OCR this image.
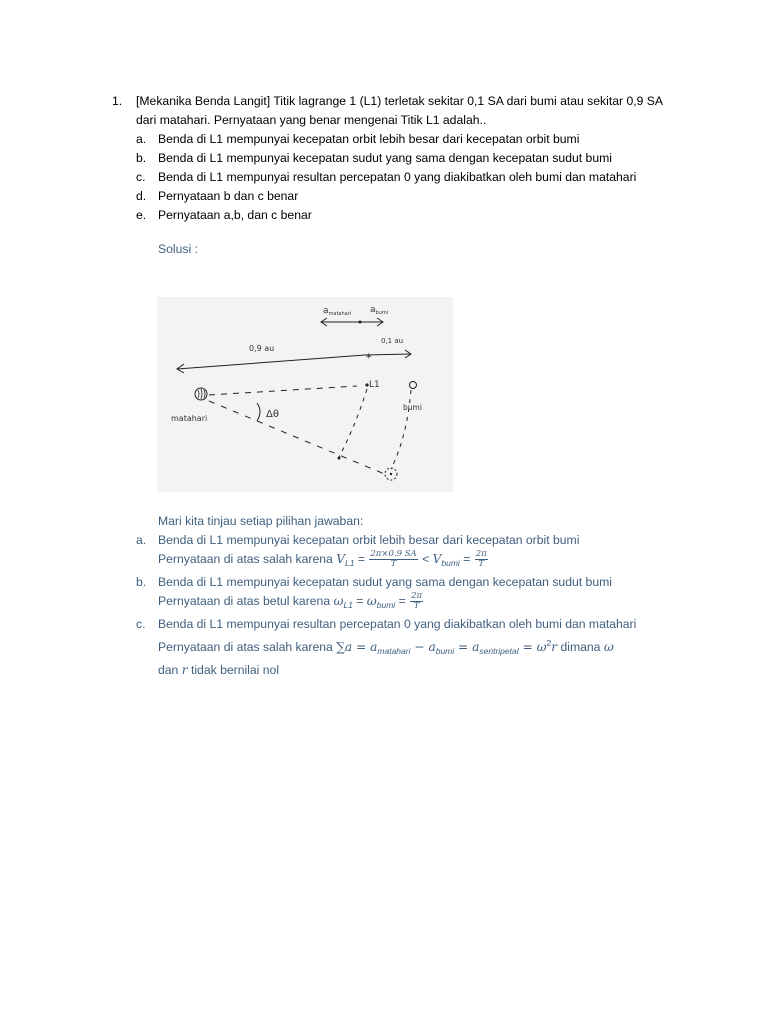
1. [Mekanika Benda Langit] Titik lagrange 1 (L1) terletak sekitar 0,1 SA dari bumi atau sekitar 0,9 SA
dari matahari. Pernyataan yang benar mengenai Titik L1 adalah..
a. Benda di L1 mempunyai kecepatan orbit lebih besar dari kecepatan orbit bumi
b. Benda di L1 mempunyai kecepatan sudut yang sama dengan kecepatan sudut bumi
c.	Benda di L1 mempunyai resultan percepatan 0 yang diakibatkan oleh bumi dan matahari
d. Pernyataan b dan c benar
e. Pernyataan a,b, dan c benar
Solusi :
$a_{matahari}$ $a_{bumi}$
✶
0,9 au
0,1 au
matahari
L1
bumi
Δθ
Mari kita tinjau setiap pilihan jawaban:
a. Benda di L1 mempunyai kecepatan orbit lebih besar dari kecepatan orbit bumi
Pernyataan di atas salah karena $V_{L1} = \frac{2\pi\times 0.9 SA}{T} < V_{bumi} = \frac{2\pi}{T}$
b. Benda di L1 mempunyai kecepatan sudut yang sama dengan kecepatan sudut bumi
Pernyataan di atas betul karena $\omega_{L1} = \omega_{bumi} = \frac{2\pi}{T}$
c.	Benda di L1 mempunyai resultan percepatan 0 yang diakibatkan oleh bumi dan matahari
Pernyataan di atas salah karena $\sum a = a_{matahari} - a_{bumi} = a_{sentripetal} = \omega^2r$ dimana ω
dan r tidak bernilai nol
